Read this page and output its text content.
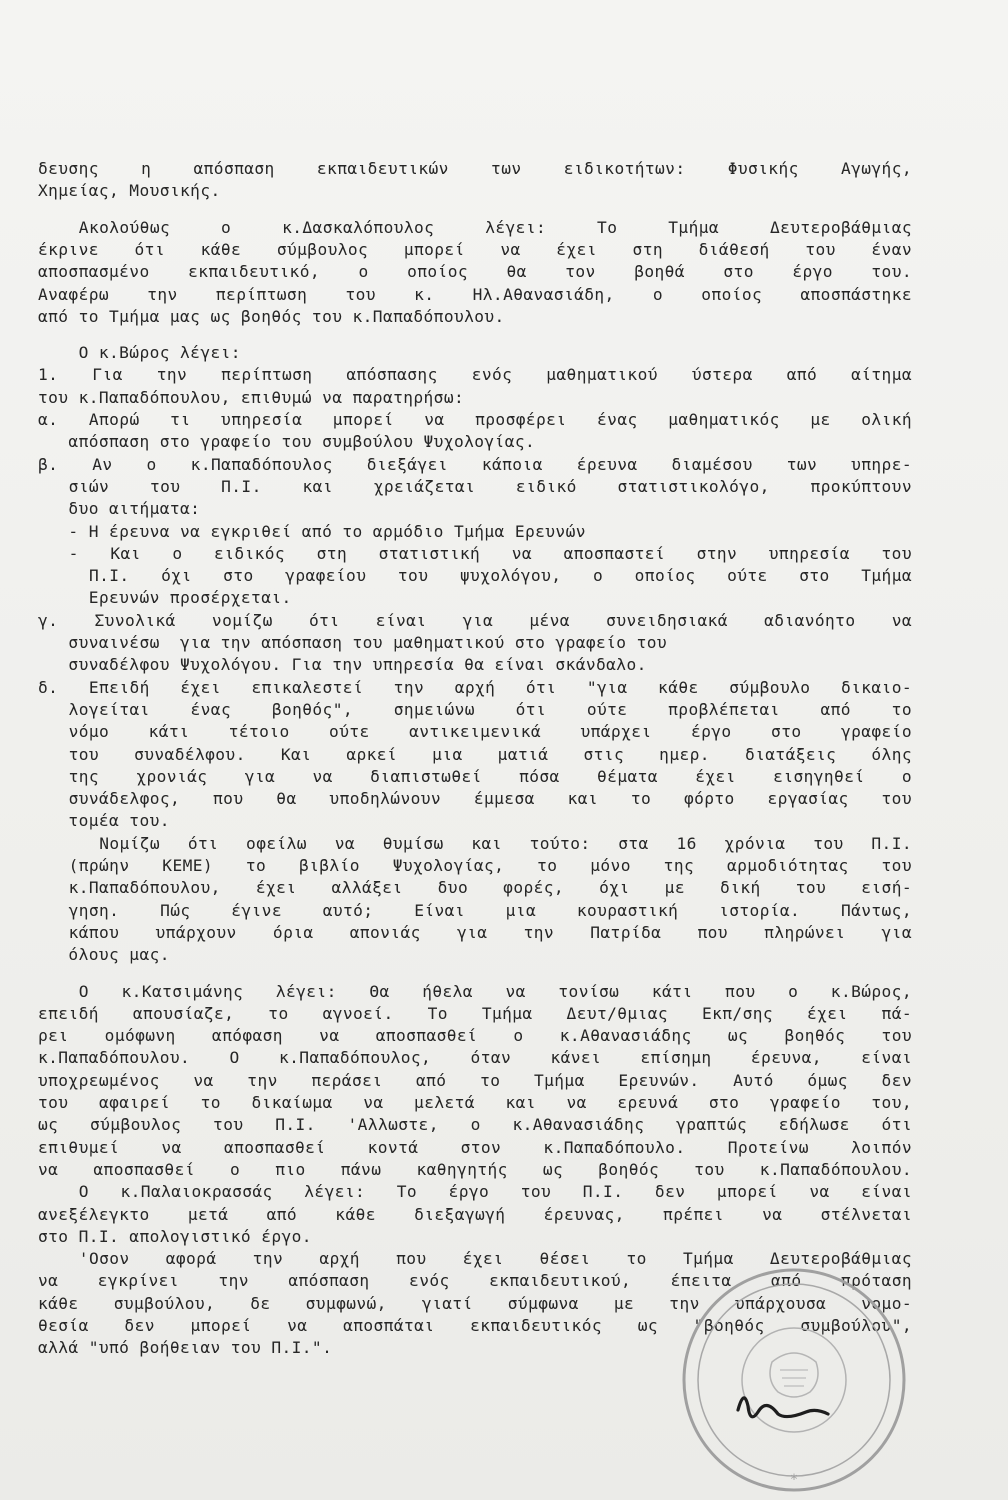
δευσης η απόσπαση εκπαιδευτικών των ειδικοτήτων: Φυσικής Αγωγής,
Χημείας, Μουσικής.
Ακολούθως ο κ.Δασκαλόπουλος λέγει: Το Τμήμα Δευτεροβάθμιας
έκρινε ότι κάθε σύμβουλος μπορεί να έχει στη διάθεσή του έναν
αποσπασμένο εκπαιδευτικό, ο οποίος θα τον βοηθά στο έργο του.
Αναφέρω την περίπτωση του κ. Ηλ.Αθανασιάδη, ο οποίος αποσπάστηκε
από το Τμήμα μας ως βοηθός του κ.Παπαδόπουλου.
Ο κ.Βώρος λέγει:
1. Για την περίπτωση απόσπασης ενός μαθηματικού ύστερα από αίτημα
του κ.Παπαδόπουλου, επιθυμώ να παρατηρήσω:
α. Απορώ τι υπηρεσία μπορεί να προσφέρει ένας μαθηματικός με ολική
απόσπαση στο γραφείο του συμβούλου Ψυχολογίας.
β. Αν ο κ.Παπαδόπουλος διεξάγει κάποια έρευνα διαμέσου των υπηρε-
σιών του Π.Ι. και χρειάζεται ειδικό στατιστικολόγο, προκύπτουν
δυο αιτήματα:
- Η έρευνα να εγκριθεί από το αρμόδιο Τμήμα Ερευνών
- Και ο ειδικός στη στατιστική να αποσπαστεί στην υπηρεσία του
Π.Ι. όχι στο γραφείου του ψυχολόγου, ο οποίος ούτε στο Τμήμα
Ερευνών προσέρχεται.
γ. Συνολικά νομίζω ότι είναι για μένα συνειδησιακά αδιανόητο να
συναινέσω  για την απόσπαση του μαθηματικού στο γραφείο του
συναδέλφου Ψυχολόγου. Για την υπηρεσία θα είναι σκάνδαλο.
δ. Επειδή έχει επικαλεστεί την αρχή ότι "για κάθε σύμβουλο δικαιο-
λογείται ένας βοηθός", σημειώνω ότι ούτε προβλέπεται από το
νόμο κάτι τέτοιο ούτε αντικειμενικά υπάρχει έργο στο γραφείο
του συναδέλφου. Και αρκεί μια ματιά στις ημερ. διατάξεις όλης
της χρονιάς για να διαπιστωθεί πόσα θέματα έχει εισηγηθεί ο
συνάδελφος, που θα υποδηλώνουν έμμεσα και το φόρτο εργασίας του
τομέα του.
Νομίζω ότι οφείλω να θυμίσω και τούτο: στα 16 χρόνια του Π.Ι.
(πρώην ΚΕΜΕ) το βιβλίο Ψυχολογίας, το μόνο της αρμοδιότητας του
κ.Παπαδόπουλου, έχει αλλάξει δυο φορές, όχι με δική του εισή-
γηση. Πώς έγινε αυτό; Είναι μια κουραστική ιστορία. Πάντως,
κάπου υπάρχουν όρια απονιάς για την Πατρίδα που πληρώνει για
όλους μας.
Ο κ.Κατσιμάνης λέγει: Θα ήθελα να τονίσω κάτι που ο κ.Βώρος,
επειδή απουσίαζε, το αγνοεί. Το Τμήμα Δευτ/θμιας Εκπ/σης έχει πά-
ρει ομόφωνη απόφαση να αποσπασθεί ο κ.Αθανασιάδης ως βοηθός του
κ.Παπαδόπουλου. Ο κ.Παπαδόπουλος, όταν κάνει επίσημη έρευνα, είναι
υποχρεωμένος να την περάσει από το Τμήμα Ερευνών. Αυτό όμως δεν
του αφαιρεί το δικαίωμα να μελετά και να ερευνά στο γραφείο του,
ως σύμβουλος του Π.Ι. 'Αλλωστε, ο κ.Αθανασιάδης γραπτώς εδήλωσε ότι
επιθυμεί να αποσπασθεί κοντά στον κ.Παπαδόπουλο. Προτείνω λοιπόν
να αποσπασθεί ο πιο πάνω καθηγητής ως βοηθός του κ.Παπαδόπουλου.
Ο κ.Παλαιοκρασσάς λέγει: Το έργο του Π.Ι. δεν μπορεί να είναι
ανεξέλεγκτο μετά από κάθε διεξαγωγή έρευνας, πρέπει να στέλνεται
στο Π.Ι. απολογιστικό έργο.
'Οσον αφορά την αρχή που έχει θέσει το Τμήμα Δευτεροβάθμιας
να εγκρίνει την απόσπαση ενός εκπαιδευτικού, έπειτα από πρόταση
κάθε συμβούλου, δε συμφωνώ, γιατί σύμφωνα με την υπάρχουσα νομο-
θεσία δεν μπορεί να αποσπάται εκπαιδευτικός ως "βοηθός συμβούλου",
αλλά "υπό βοήθειαν του Π.Ι.".
*
